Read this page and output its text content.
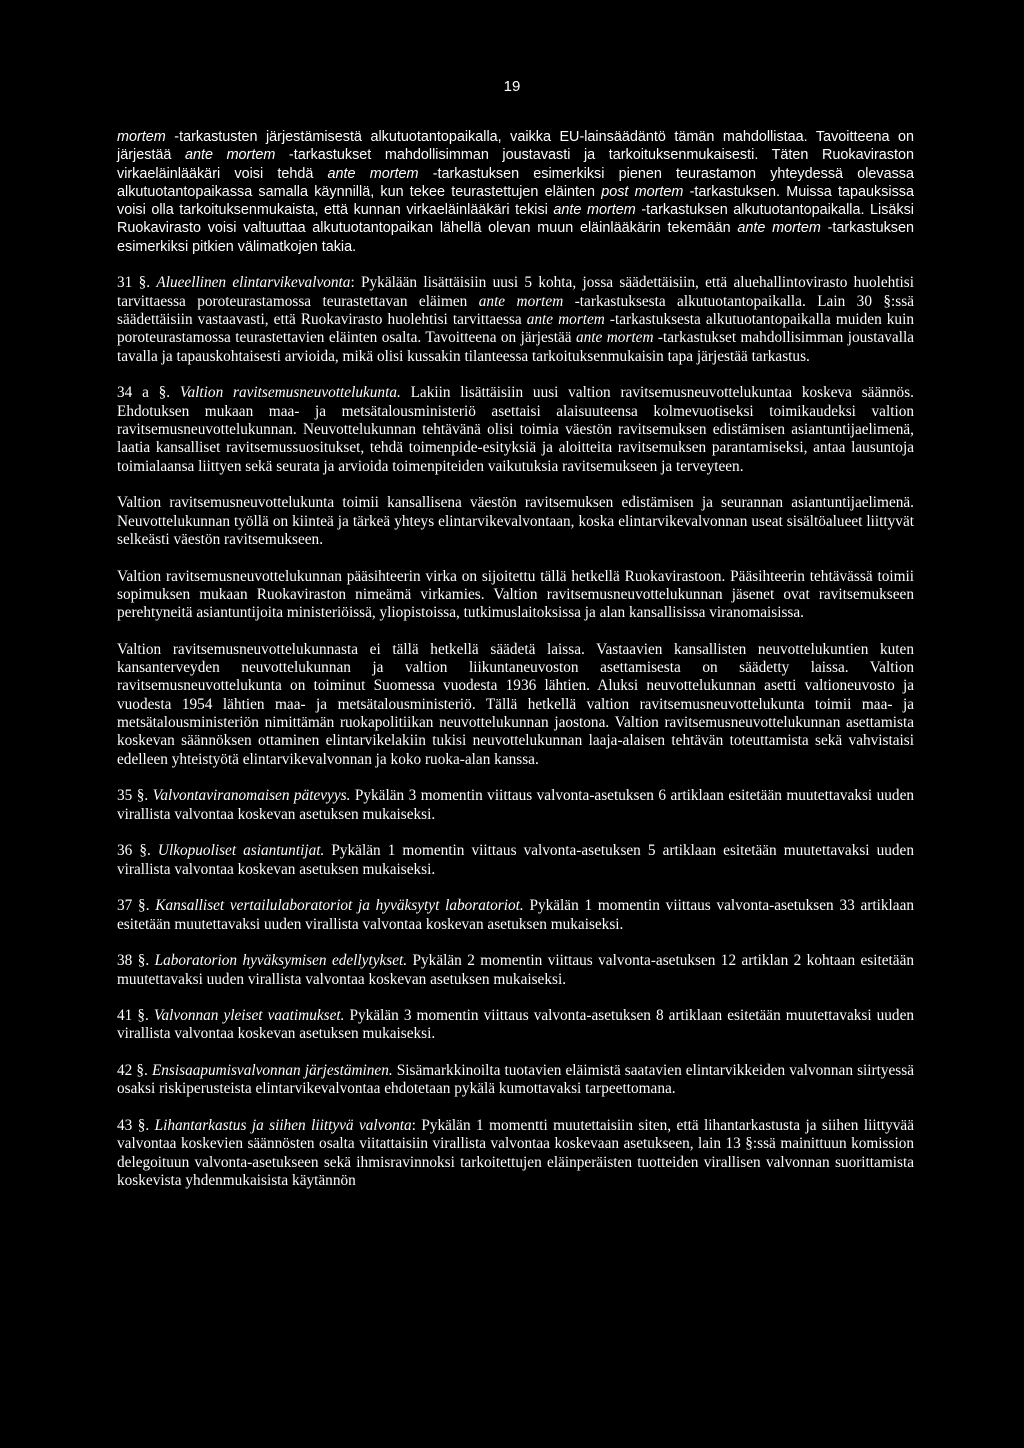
19

mortem -tarkastusten järjestämisestä alkutuotantopaikalla, vaikka EU-lainsäädäntö tämän mahdollistaa. Tavoitteena on järjestää ante mortem -tarkastukset mahdollisimman joustavasti ja tarkoituksenmukaisesti. Täten Ruokaviraston virkaeläinlääkäri voisi tehdä ante mortem -tarkastuksen esimerkiksi pienen teurastamon yhteydessä olevassa alkutuotantopaikassa samalla käynnillä, kun tekee teurastettujen eläinten post mortem -tarkastuksen. Muissa tapauksissa voisi olla tarkoituksenmukaista, että kunnan virkaeläinlääkäri tekisi ante mortem -tarkastuksen alkutuotantopaikalla. Lisäksi Ruokavirasto voisi valtuuttaa alkutuotantopaikan lähellä olevan muun eläinlääkärin tekemään ante mortem -tarkastuksen esimerkiksi pitkien välimatkojen takia.

31 §. Alueellinen elintarvikevalvonta: Pykälään lisättäisiin uusi 5 kohta, jossa säädettäisiin, että aluehallintovirasto huolehtisi tarvittaessa poroteurastamossa teurastettavan eläimen ante mortem -tarkastuksesta alkutuotantopaikalla. Lain 30 §:ssä säädettäisiin vastaavasti, että Ruokavirasto huolehtisi tarvittaessa ante mortem -tarkastuksesta alkutuotantopaikalla muiden kuin poroteurastamossa teurastettavien eläinten osalta. Tavoitteena on järjestää ante mortem -tarkastukset mahdollisimman joustavalla tavalla ja tapauskohtaisesti arvioida, mikä olisi kussakin tilanteessa tarkoituksenmukaisin tapa järjestää tarkastus.

34 a §. Valtion ravitsemusneuvottelukunta. Lakiin lisättäisiin uusi valtion ravitsemusneuvottelukuntaa koskeva säännös. Ehdotuksen mukaan maa- ja metsätalousministeriö asettaisi alaisuuteensa kolmevuotiseksi toimikaudeksi valtion ravitsemusneuvottelukunnan. Neuvottelukunnan tehtävänä olisi toimia väestön ravitsemuksen edistämisen asiantuntijaelimenä, laatia kansalliset ravitsemussuositukset, tehdä toimenpide-esityksiä ja aloitteita ravitsemuksen parantamiseksi, antaa lausuntoja toimialaansa liittyen sekä seurata ja arvioida toimenpiteiden vaikutuksia ravitsemukseen ja terveyteen.

Valtion ravitsemusneuvottelukunta toimii kansallisena väestön ravitsemuksen edistämisen ja seurannan asiantuntijaelimenä. Neuvottelukunnan työllä on kiinteä ja tärkeä yhteys elintarvikevalvontaan, koska elintarvikevalvonnan useat sisältöalueet liittyvät selkeästi väestön ravitsemukseen.

Valtion ravitsemusneuvottelukunnan pääsihteerin virka on sijoitettu tällä hetkellä Ruokavirastoon. Pääsihteerin tehtävässä toimii sopimuksen mukaan Ruokaviraston nimeämä virkamies. Valtion ravitsemusneuvottelukunnan jäsenet ovat ravitsemukseen perehtyneitä asiantuntijoita ministeriöissä, yliopistoissa, tutkimuslaitoksissa ja alan kansallisissa viranomaisissa.

Valtion ravitsemusneuvottelukunnasta ei tällä hetkellä säädetä laissa. Vastaavien kansallisten neuvottelukuntien kuten kansanterveyden neuvottelukunnan ja valtion liikuntaneuvoston asettamisesta on säädetty laissa. Valtion ravitsemusneuvottelukunta on toiminut Suomessa vuodesta 1936 lähtien. Aluksi neuvottelukunnan asetti valtioneuvosto ja vuodesta 1954 lähtien maa- ja metsätalousministeriö. Tällä hetkellä valtion ravitsemusneuvottelukunta toimii maa- ja metsätalousministeriön nimittämän ruokapolitiikan neuvottelukunnan jaostona. Valtion ravitsemusneuvottelukunnan asettamista koskevan säännöksen ottaminen elintarvikelakiin tukisi neuvottelukunnan laaja-alaisen tehtävän toteuttamista sekä vahvistaisi edelleen yhteistyötä elintarvikevalvonnan ja koko ruoka-alan kanssa.

35 §. Valvontaviranomaisen pätevyys. Pykälän 3 momentin viittaus valvonta-asetuksen 6 artiklaan esitetään muutettavaksi uuden virallista valvontaa koskevan asetuksen mukaiseksi.

36 §. Ulkopuoliset asiantuntijat. Pykälän 1 momentin viittaus valvonta-asetuksen 5 artiklaan esitetään muutettavaksi uuden virallista valvontaa koskevan asetuksen mukaiseksi.

37 §. Kansalliset vertailulaboratoriot ja hyväksytyt laboratoriot. Pykälän 1 momentin viittaus valvonta-asetuksen 33 artiklaan esitetään muutettavaksi uuden virallista valvontaa koskevan asetuksen mukaiseksi.

38 §. Laboratorion hyväksymisen edellytykset. Pykälän 2 momentin viittaus valvonta-asetuksen 12 artiklan 2 kohtaan esitetään muutettavaksi uuden virallista valvontaa koskevan asetuksen mukaiseksi.

41 §. Valvonnan yleiset vaatimukset. Pykälän 3 momentin viittaus valvonta-asetuksen 8 artiklaan esitetään muutettavaksi uuden virallista valvontaa koskevan asetuksen mukaiseksi.

42 §. Ensisaapumisvalvonnan järjestäminen. Sisämarkkinoilta tuotavien eläimistä saatavien elintarvikkeiden valvonnan siirtyessä osaksi riskiperusteista elintarvikevalvontaa ehdotetaan pykälä kumottavaksi tarpeettomana.

43 §. Lihantarkastus ja siihen liittyvä valvonta: Pykälän 1 momentti muutettaisiin siten, että lihantarkastusta ja siihen liittyvää valvontaa koskevien säännösten osalta viitattaisiin virallista valvontaa koskevaan asetukseen, lain 13 §:ssä mainittuun komission delegoituun valvonta-asetukseen sekä ihmisravinnoksi tarkoitettujen eläinperäisten tuotteiden virallisen valvonnan suorittamista koskevista yhdenmukaisista käytännön
